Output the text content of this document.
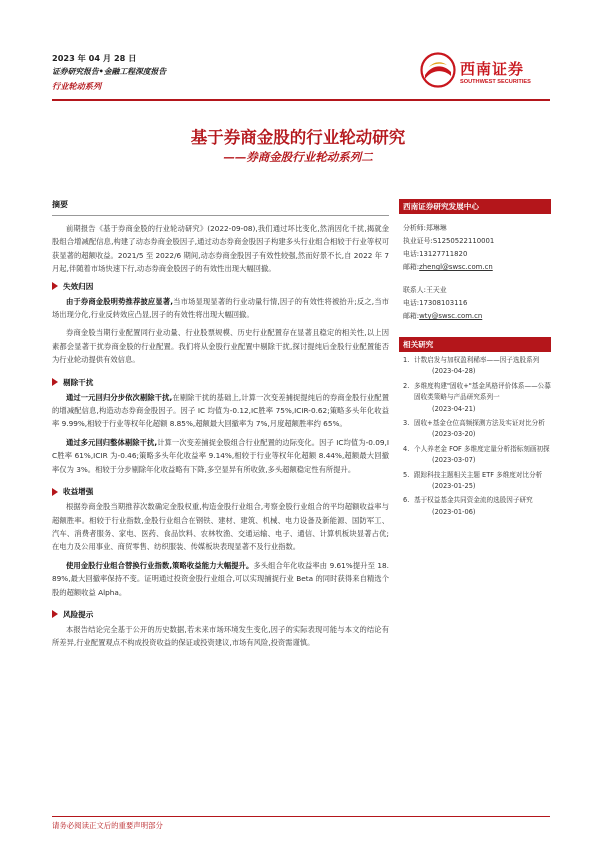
2023 年 04 月 28 日
证券研究报告•金融工程深度报告
行业轮动系列
西南证券
SOUTHWEST SECURITIES
基于券商金股的行业轮动研究
——券商金股行业轮动系列二
摘要

前期报告《基于券商金股的行业轮动研究》(2022-09-08),我们通过坏比变化,然消因化千扰,揭就金股组合增减配信息,构建了动态券商金股因子,通过动态券商金股因子构建多头行业组合相较于行业等权可获显著的超额收益。2021/5 至 2022/6 期间,动态券商金股因子有效性较强,然而好景不长,自 2022 年 7 月起,伴随着市场快速下行,动态券商金股因子的有效性出现大幅回撤。

失效归因

由于券商金股明势推荐披应显著,当市场显现显著的行业动量行情,因子的有效性将被抬升;反之,当市场出现分化,行业反转效应凸显,因子的有效性将出现大幅回撤。

券商金股当期行业配置同行业动量、行业股票规模、历史行业配置存在显著且稳定的相关性,以上因素都会显著干扰券商金股的行业配置。我们将从金股行业配置中剔除干扰,探讨提纯后金股行业配置能否为行业轮动提供有效信息。

剔除干扰

通过一元回归分步依次剔除干扰,在剔除干扰的基础上,计算一次变差捕捉提纯后的券商金股行业配置的增减配信息,构造动态券商金股因子。因子 IC 均值为-0.12,IC胜率 75%,ICIR-0.62;策略多头年化收益率 9.99%,相较于行业等权年化超额 8.85%,超额最大回撤率为 7%,月度超额胜率约 65%。

通过多元回归整体剔除干扰,计算一次变差捕捉金股组合行业配置的边际变化。因子 IC均值为-0.09,IC胜率 61%,ICIR 为-0.46;策略多头年化收益率 9.14%,相较于行业等权年化超额 8.44%,超额最大回撤率仅为 3%。相较于分步剔除年化收益略有下降,多空显异有所收敛,多头超额稳定性有所提升。

收益增强

根据券商金股当期推荐次数确定金股权重,构造金股行业组合,考察金股行业组合的平均超额收益率与超额胜率。相较于行业指数,金股行业组合在钢铁、建材、建筑、机械、电力设备及新能源、国防军工、汽车、消费者服务、家电、医药、食品饮料、农林牧渔、交通运输、电子、通信、计算机板块显著占优;在电力及公用事业、商贸零售、纺织服装、传媒板块表现显著不及行业指数。

使用金股行业组合替换行业指数,策略收益能力大幅提升。多头组合年化收益率由 9.61%提升至 18.89%,最大回撤率保持不变。证明通过投资金股行业组合,可以实现捕捉行业 Beta 的同时获得来自精选个股的超额收益 Alpha。

风险提示

本报告结论完全基于公开的历史数据,若未来市场环境发生变化,因子的实际表现可能与本文的结论有所差异,行业配置观点不构成投资收益的保证或投资建议,市场有风险,投资需谨慎。

西南证券研究发展中心
分析师:郑琳琳
执业证号:S1250522110001
电话:13127711820
邮箱:zhengl@swsc.com.cn
联系人:王天业
电话:17308103116
邮箱:wty@swsc.com.cn
相关研究
1. 计数启发与加权盈利稀率——因子选股系列
(2023-04-28)
2. 多维度构建"固收+"基金风格评价体系——公募固收类策略与产品研究系列一
(2023-04-21)
3. 固收+基金仓位高频探测方法及实证对比分析
(2023-03-20)
4. 个人养老金 FOF 多维度定量分析指标刻画初探
(2023-03-07)
5. 跟踪科技主题相关主题 ETF 多维度对比分析
(2023-01-25)
6. 基于权益基金共同资金流的选股因子研究
(2023-01-06)
请务必阅读正文后的重要声明部分
